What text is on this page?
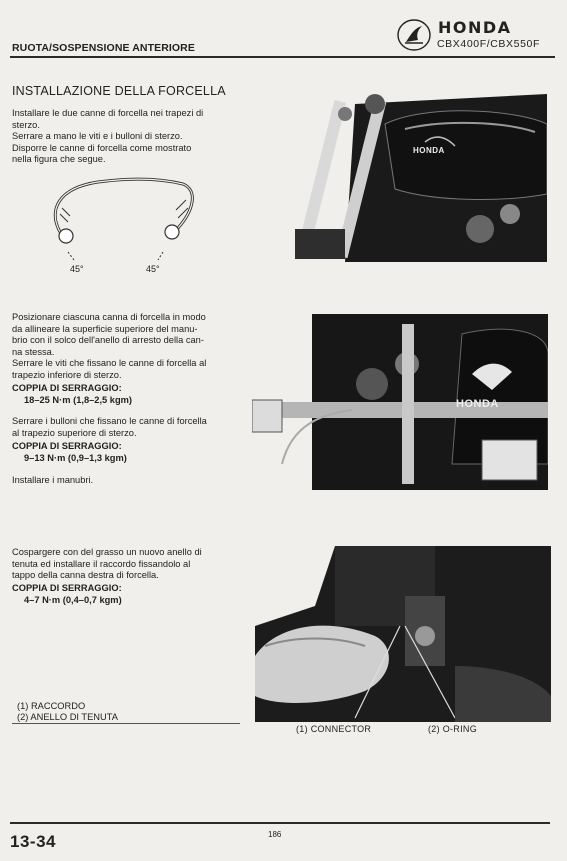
HONDA
CBX400F/CBX550F
RUOTA/SOSPENSIONE ANTERIORE
INSTALLAZIONE DELLA FORCELLA
Installare le due canne di forcella nei trapezi di
sterzo.
Serrare a mano le viti e i bulloni di sterzo.
Disporre le canne di forcella come mostrato
nella figura che segue.
45°	45°
Posizionare ciascuna canna di forcella in modo
da allineare la superficie superiore del manu-
brio con il solco dell'anello di arresto della can-
na stessa.
Serrare le viti che fissano le canne di forcella al
trapezio inferiore di sterzo.
COPPIA DI SERRAGGIO:
18–25 N·m (1,8–2,5 kgm)
Serrare i bulloni che fissano le canne di forcella
al trapezio superiore di sterzo.
COPPIA DI SERRAGGIO:
9–13 N·m (0,9–1,3 kgm)
Installare i manubri.
Cospargere con del grasso un nuovo anello di
tenuta ed installare il raccordo fissandolo al
tappo della canna destra di forcella.
COPPIA DI SERRAGGIO:
4–7 N·m (0,4–0,7 kgm)
(1) RACCORDO
(2) ANELLO DI TENUTA
HONDA
HONDA
(1) CONNECTOR	(2) O-RING
13-34	186
